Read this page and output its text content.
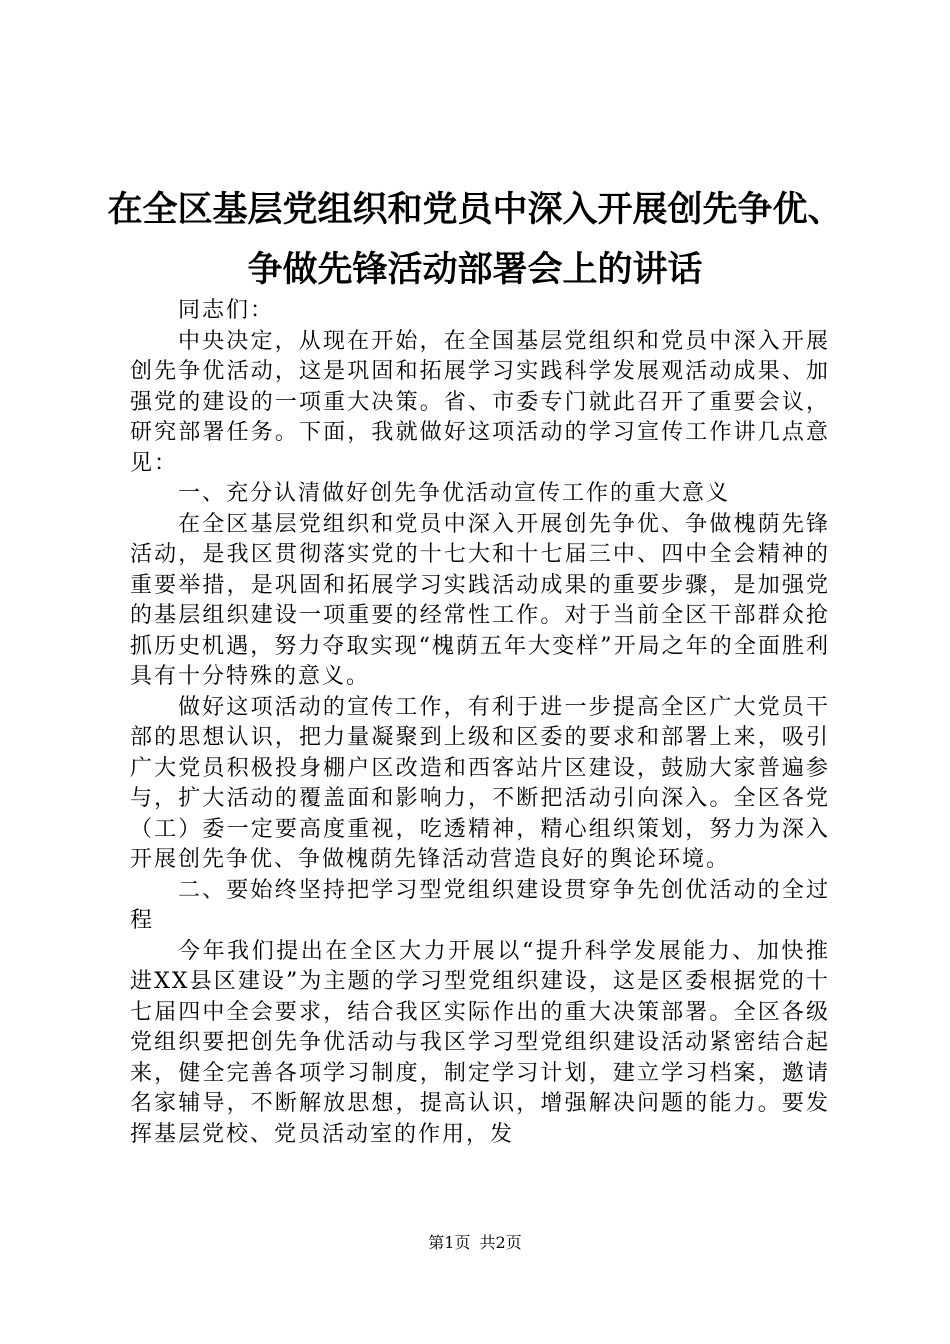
在全区基层党组织和党员中深入开展创先争优、
争做先锋活动部署会上的讲话

同志们：

中央决定，从现在开始，在全国基层党组织和党员中深入开展创先争优活动，这是巩固和拓展学习实践科学发展观活动成果、加强党的建设的一项重大决策。省、市委专门就此召开了重要会议，研究部署任务。下面，我就做好这项活动的学习宣传工作讲几点意见：

一、充分认清做好创先争优活动宣传工作的重大意义

在全区基层党组织和党员中深入开展创先争优、争做槐荫先锋活动，是我区贯彻落实党的十七大和十七届三中、四中全会精神的重要举措，是巩固和拓展学习实践活动成果的重要步骤，是加强党的基层组织建设一项重要的经常性工作。对于当前全区干部群众抢抓历史机遇，努力夺取实现“槐荫五年大变样”开局之年的全面胜利具有十分特殊的意义。

做好这项活动的宣传工作，有利于进一步提高全区广大党员干部的思想认识，把力量凝聚到上级和区委的要求和部署上来，吸引广大党员积极投身棚户区改造和西客站片区建设，鼓励大家普遍参与，扩大活动的覆盖面和影响力，不断把活动引向深入。全区各党（工）委一定要高度重视，吃透精神，精心组织策划，努力为深入开展创先争优、争做槐荫先锋活动营造良好的舆论环境。

二、要始终坚持把学习型党组织建设贯穿争先创优活动的全过程

今年我们提出在全区大力开展以“提升科学发展能力、加快推进XX县区建设”为主题的学习型党组织建设，这是区委根据党的十七届四中全会要求，结合我区实际作出的重大决策部署。全区各级党组织要把创先争优活动与我区学习型党组织建设活动紧密结合起来，健全完善各项学习制度，制定学习计划，建立学习档案，邀请名家辅导，不断解放思想，提高认识，增强解决问题的能力。要发挥基层党校、党员活动室的作用，发

第1页 共2页
